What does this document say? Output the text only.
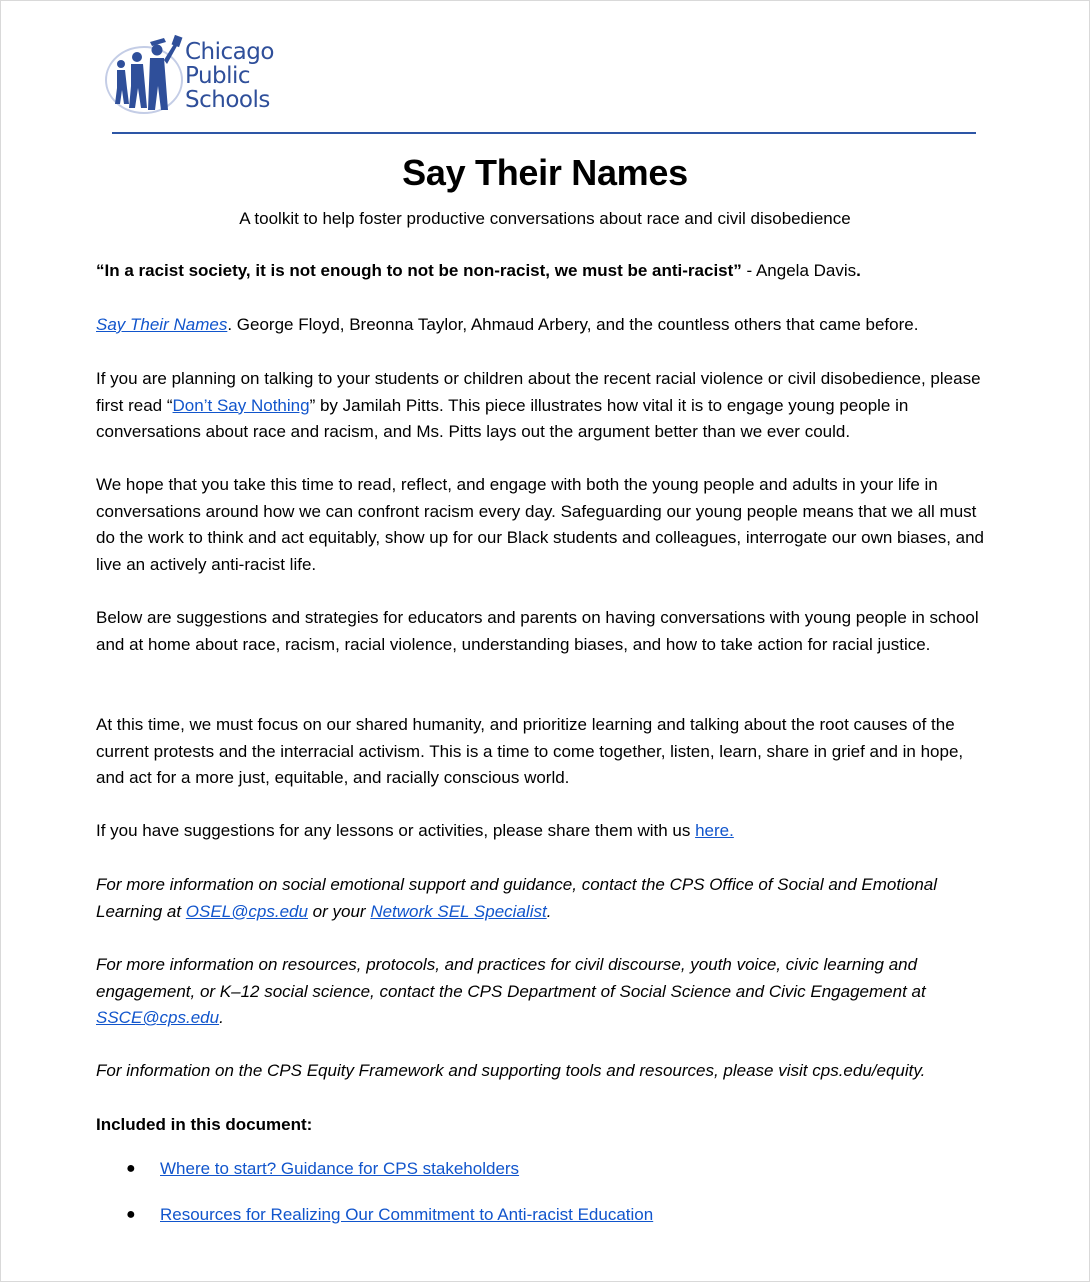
Chicago
Public
Schools
Say Their Names
A toolkit to help foster productive conversations about race and civil disobedience

“In a racist society, it is not enough to not be non-racist, we must be anti-racist” - Angela Davis.

Say Their Names. George Floyd, Breonna Taylor, Ahmaud Arbery, and the countless others that came before.

If you are planning on talking to your students or children about the recent racial violence or civil disobedience, please first read “Don’t Say Nothing” by Jamilah Pitts. This piece illustrates how vital it is to engage young people in conversations about race and racism, and Ms. Pitts lays out the argument better than we ever could.

We hope that you take this time to read, reflect, and engage with both the young people and adults in your life in conversations around how we can confront racism every day. Safeguarding our young people means that we all must do the work to think and act equitably, show up for our Black students and colleagues, interrogate our own biases, and live an actively anti-racist life.

Below are suggestions and strategies for educators and parents on having conversations with young people in school and at home about race, racism, racial violence, understanding biases, and how to take action for racial justice.

At this time, we must focus on our shared humanity, and prioritize learning and talking about the root causes of the current protests and the interracial activism. This is a time to come together, listen, learn, share in grief and in hope, and act for a more just, equitable, and racially conscious world.

If you have suggestions for any lessons or activities, please share them with us here.

For more information on social emotional support and guidance, contact the CPS Office of Social and Emotional Learning at OSEL@cps.edu or your Network SEL Specialist.

For more information on resources, protocols, and practices for civil discourse, youth voice, civic learning and engagement, or K–12 social science, contact the CPS Department of Social Science and Civic Engagement at SSCE@cps.edu.

For information on the CPS Equity Framework and supporting tools and resources, please visit cps.edu/equity.

Included in this document:

● Where to start? Guidance for CPS stakeholders
● Resources for Realizing Our Commitment to Anti-racist Education
